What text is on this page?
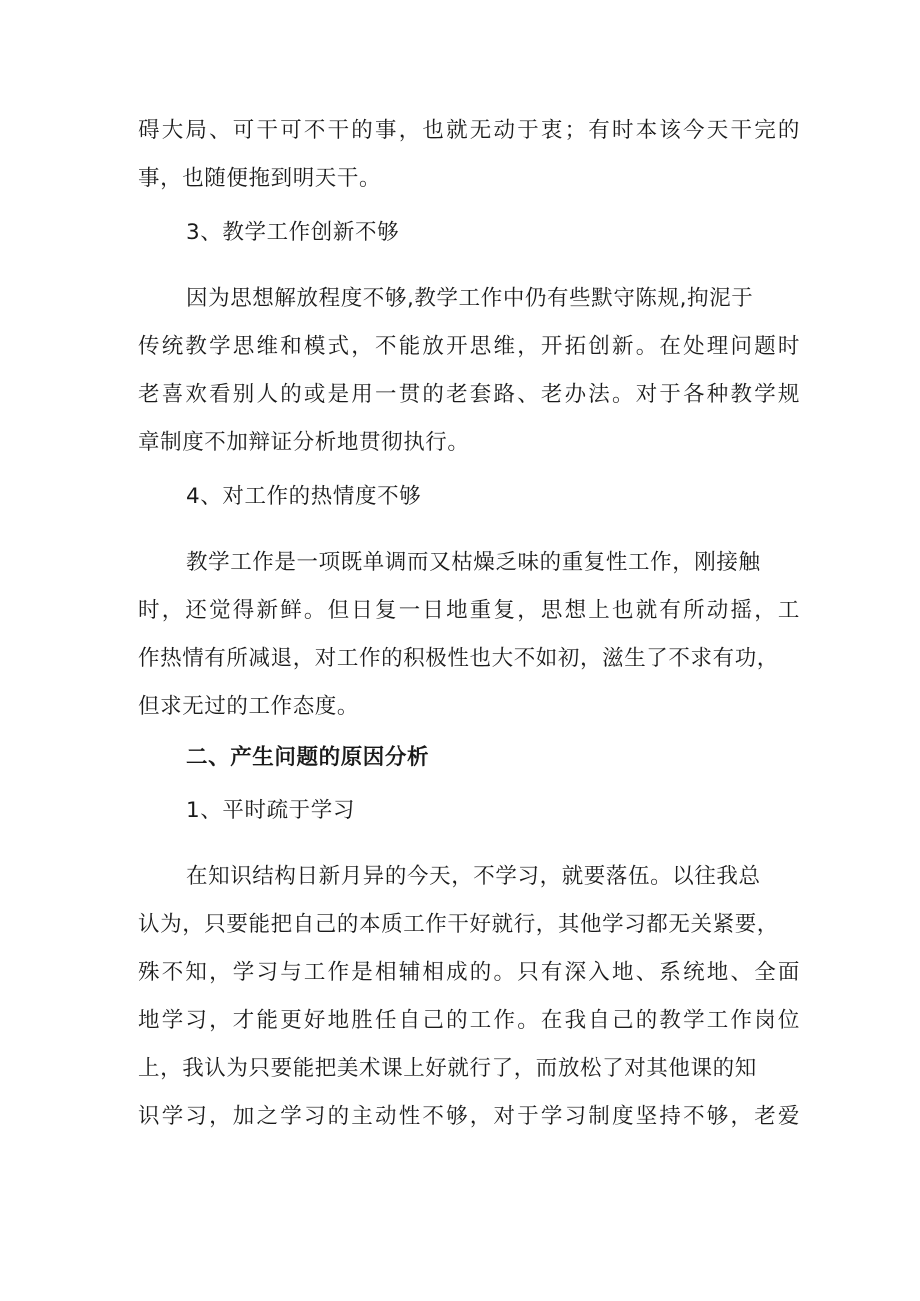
碍大局、可干可不干的事，也就无动于衷；有时本该今天干完的
事，也随便拖到明天干。
3、教学工作创新不够
因为思想解放程度不够,教学工作中仍有些默守陈规,拘泥于
传统教学思维和模式，不能放开思维，开拓创新。在处理问题时
老喜欢看别人的或是用一贯的老套路、老办法。对于各种教学规
章制度不加辩证分析地贯彻执行。
4、对工作的热情度不够
教学工作是一项既单调而又枯燥乏味的重复性工作，刚接触
时，还觉得新鲜。但日复一日地重复，思想上也就有所动摇，工
作热情有所减退，对工作的积极性也大不如初，滋生了不求有功，
但求无过的工作态度。
二、产生问题的原因分析
1、平时疏于学习
在知识结构日新月异的今天，不学习，就要落伍。以往我总
认为，只要能把自己的本质工作干好就行，其他学习都无关紧要，
殊不知，学习与工作是相辅相成的。只有深入地、系统地、全面
地学习，才能更好地胜任自己的工作。在我自己的教学工作岗位
上，我认为只要能把美术课上好就行了，而放松了对其他课的知
识学习，加之学习的主动性不够，对于学习制度坚持不够，老爱
